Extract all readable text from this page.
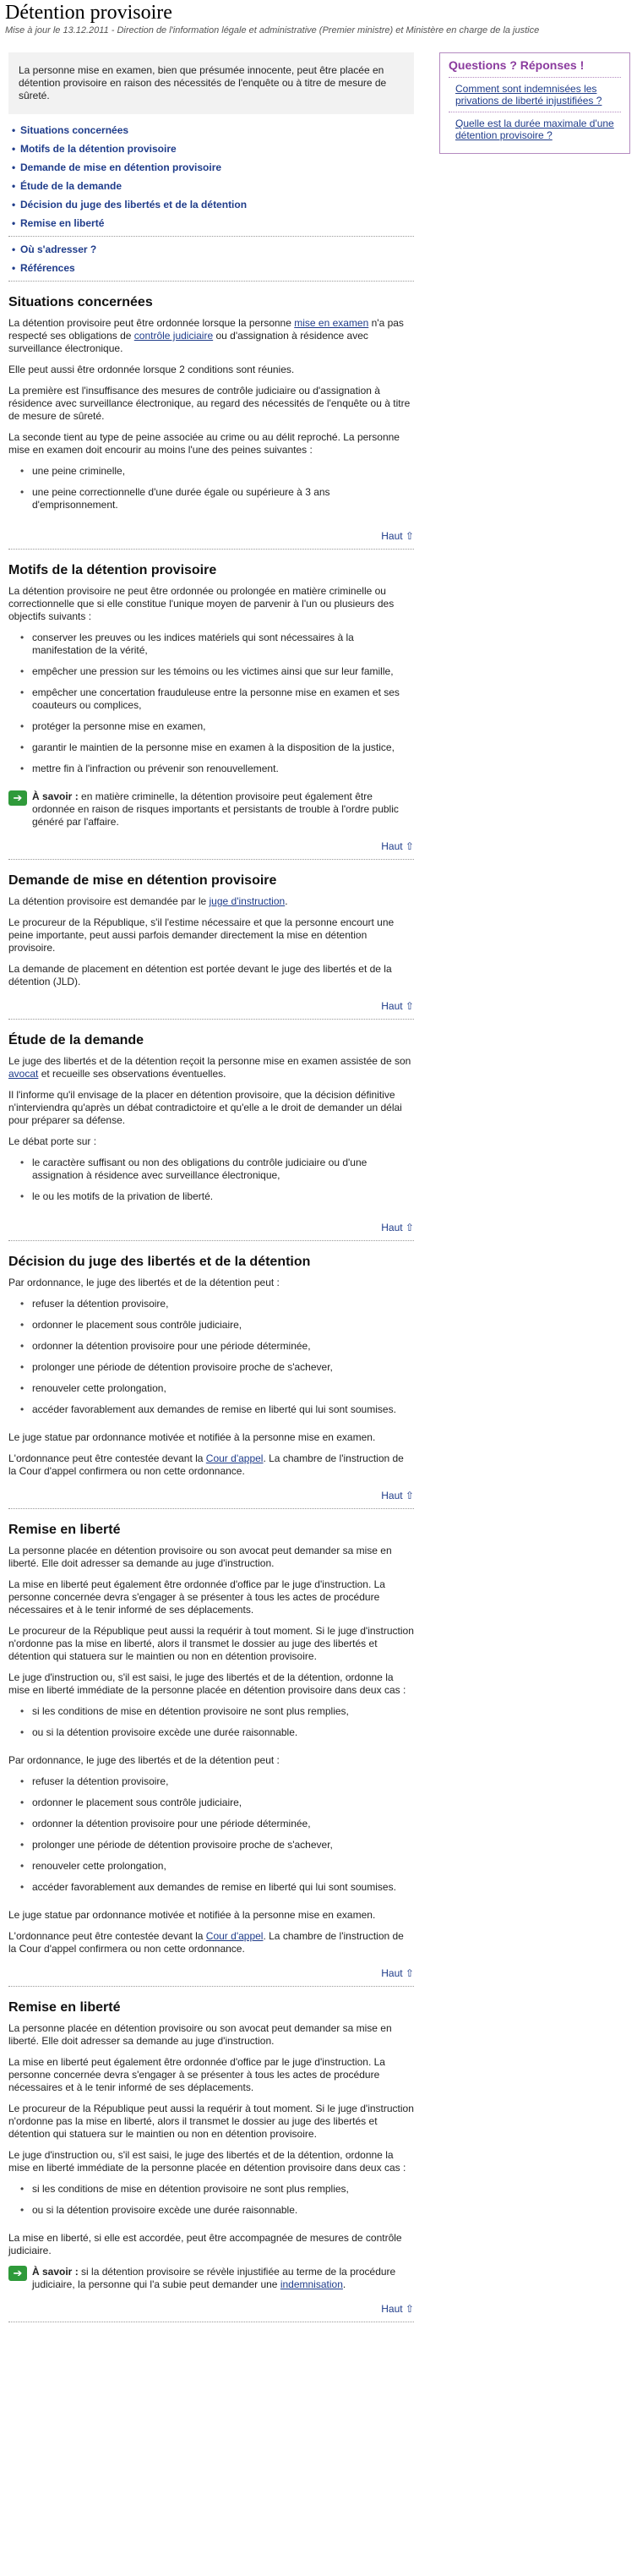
Détention provisoire
Mise à jour le 13.12.2011 - Direction de l'information légale et administrative (Premier ministre) et Ministère en charge de la justice
La personne mise en examen, bien que présumée innocente, peut être placée en détention provisoire en raison des nécessités de l'enquête ou à titre de mesure de sûreté.
• Situations concernées
• Motifs de la détention provisoire
• Demande de mise en détention provisoire
• Étude de la demande
• Décision du juge des libertés et de la détention
• Remise en liberté
• Où s'adresser ?
• Références
Situations concernées

La détention provisoire peut être ordonnée lorsque la personne mise en examen n'a pas respecté ses obligations de contrôle judiciaire ou d'assignation à résidence avec surveillance électronique.

Elle peut aussi être ordonnée lorsque 2 conditions sont réunies.

La première est l'insuffisance des mesures de contrôle judiciaire ou d'assignation à résidence avec surveillance électronique, au regard des nécessités de l'enquête ou à titre de mesure de sûreté.

La seconde tient au type de peine associée au crime ou au délit reproché. La personne mise en examen doit encourir au moins l'une des peines suivantes :

• une peine criminelle,
• une peine correctionnelle d'une durée égale ou supérieure à 3 ans d'emprisonnement.
Haut ⇧
Motifs de la détention provisoire

La détention provisoire ne peut être ordonnée ou prolongée en matière criminelle ou correctionnelle que si elle constitue l'unique moyen de parvenir à l'un ou plusieurs des objectifs suivants :

• conserver les preuves ou les indices matériels qui sont nécessaires à la manifestation de la vérité,
• empêcher une pression sur les témoins ou les victimes ainsi que sur leur famille,
• empêcher une concertation frauduleuse entre la personne mise en examen et ses coauteurs ou complices,
• protéger la personne mise en examen,
• garantir le maintien de la personne mise en examen à la disposition de la justice,
• mettre fin à l'infraction ou prévenir son renouvellement.
➔ À savoir : en matière criminelle, la détention provisoire peut également être ordonnée en raison de risques importants et persistants de trouble à l'ordre public généré par l'affaire.
Haut ⇧
Demande de mise en détention provisoire

La détention provisoire est demandée par le juge d'instruction.

Le procureur de la République, s'il l'estime nécessaire et que la personne encourt une peine importante, peut aussi parfois demander directement la mise en détention provisoire.

La demande de placement en détention est portée devant le juge des libertés et de la détention (JLD).

Haut ⇧
Étude de la demande

Le juge des libertés et de la détention reçoit la personne mise en examen assistée de son avocat et recueille ses observations éventuelles.

Il l'informe qu'il envisage de la placer en détention provisoire, que la décision définitive n'interviendra qu'après un débat contradictoire et qu'elle a le droit de demander un délai pour préparer sa défense.

Le débat porte sur :

• le caractère suffisant ou non des obligations du contrôle judiciaire ou d'une assignation à résidence avec surveillance électronique,
• le ou les motifs de la privation de liberté.
Haut ⇧
Décision du juge des libertés et de la détention

Par ordonnance, le juge des libertés et de la détention peut :

• refuser la détention provisoire,
• ordonner le placement sous contrôle judiciaire,
• ordonner la détention provisoire pour une période déterminée,
• prolonger une période de détention provisoire proche de s'achever,
• renouveler cette prolongation,
• accéder favorablement aux demandes de remise en liberté qui lui sont soumises.

Le juge statue par ordonnance motivée et notifiée à la personne mise en examen.

L'ordonnance peut être contestée devant la Cour d'appel. La chambre de l'instruction de la Cour d'appel confirmera ou non cette ordonnance.

Haut ⇧
Remise en liberté

La personne placée en détention provisoire ou son avocat peut demander sa mise en liberté. Elle doit adresser sa demande au juge d'instruction.

La mise en liberté peut également être ordonnée d'office par le juge d'instruction. La personne concernée devra s'engager à se présenter à tous les actes de procédure nécessaires et à le tenir informé de ses déplacements.

Le procureur de la République peut aussi la requérir à tout moment. Si le juge d'instruction n'ordonne pas la mise en liberté, alors il transmet le dossier au juge des libertés et détention qui statuera sur le maintien ou non en détention provisoire.

Le juge d'instruction ou, s'il est saisi, le juge des libertés et de la détention, ordonne la mise en liberté immédiate de la personne placée en détention provisoire dans deux cas :

• si les conditions de mise en détention provisoire ne sont plus remplies,
• ou si la détention provisoire excède une durée raisonnable.

Par ordonnance, le juge des libertés et de la détention peut :

• refuser la détention provisoire,
• ordonner le placement sous contrôle judiciaire,
• ordonner la détention provisoire pour une période déterminée,
• prolonger une période de détention provisoire proche de s'achever,
• renouveler cette prolongation,
• accéder favorablement aux demandes de remise en liberté qui lui sont soumises.

Le juge statue par ordonnance motivée et notifiée à la personne mise en examen.

L'ordonnance peut être contestée devant la Cour d'appel. La chambre de l'instruction de la Cour d'appel confirmera ou non cette ordonnance.

Haut ⇧
Remise en liberté

La personne placée en détention provisoire ou son avocat peut demander sa mise en liberté. Elle doit adresser sa demande au juge d'instruction.

La mise en liberté peut également être ordonnée d'office par le juge d'instruction. La personne concernée devra s'engager à se présenter à tous les actes de procédure nécessaires et à le tenir informé de ses déplacements.

Le procureur de la République peut aussi la requérir à tout moment. Si le juge d'instruction n'ordonne pas la mise en liberté, alors il transmet le dossier au juge des libertés et détention qui statuera sur le maintien ou non en détention provisoire.

Le juge d'instruction ou, s'il est saisi, le juge des libertés et de la détention, ordonne la mise en liberté immédiate de la personne placée en détention provisoire dans deux cas :

• si les conditions de mise en détention provisoire ne sont plus remplies,
• ou si la détention provisoire excède une durée raisonnable.

La mise en liberté, si elle est accordée, peut être accompagnée de mesures de contrôle judiciaire.

➔ À savoir : si la détention provisoire se révèle injustifiée au terme de la procédure judiciaire, la personne qui l'a subie peut demander une indemnisation.
Haut ⇧
Questions ? Réponses !
Comment sont indemnisées les privations de liberté injustifiées ?
Quelle est la durée maximale d'une détention provisoire ?
